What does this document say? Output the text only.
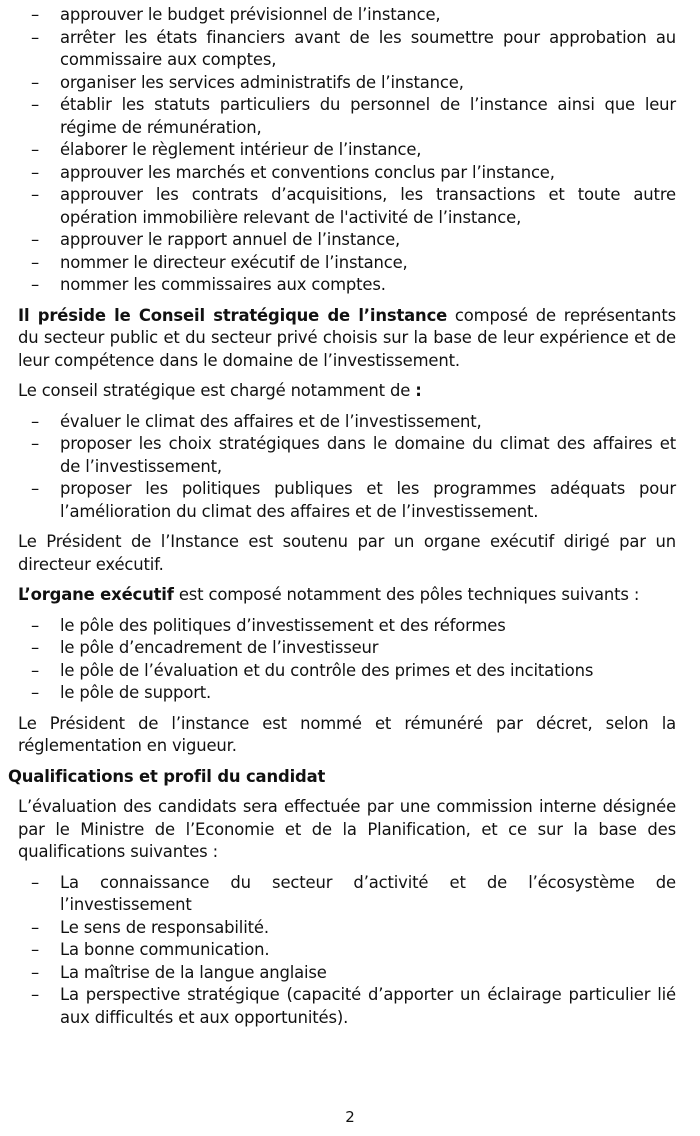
– approuver le budget prévisionnel de l’instance,
– arrêter les états financiers avant de les soumettre pour approbation au commissaire aux comptes,
– organiser les services administratifs de l’instance,
– établir les statuts particuliers du personnel de l’instance ainsi que leur régime de rémunération,
– élaborer le règlement intérieur de l’instance,
– approuver les marchés et conventions conclus par l’instance,
– approuver les contrats d’acquisitions, les transactions et toute autre opération immobilière relevant de l'activité de l’instance,
– approuver le rapport annuel de l’instance,
– nommer le directeur exécutif de l’instance,
– nommer les commissaires aux comptes.

Il préside le Conseil stratégique de l’instance composé de représentants du secteur public et du secteur privé choisis sur la base de leur expérience et de leur compétence dans le domaine de l’investissement.

Le conseil stratégique est chargé notamment de :

– évaluer le climat des affaires et de l’investissement,
– proposer les choix stratégiques dans le domaine du climat des affaires et de l’investissement,
– proposer les politiques publiques et les programmes adéquats pour l’amélioration du climat des affaires et de l’investissement.

Le Président de l’Instance est soutenu par un organe exécutif dirigé par un directeur exécutif.

L’organe exécutif est composé notamment des pôles techniques suivants :

– le pôle des politiques d’investissement et des réformes
– le pôle d’encadrement de l’investisseur
– le pôle de l’évaluation et du contrôle des primes et des incitations
– le pôle de support.

Le Président de l’instance est nommé et rémunéré par décret, selon la réglementation en vigueur.

Qualifications et profil du candidat

L’évaluation des candidats sera effectuée par une commission interne désignée par le Ministre de l’Economie et de la Planification, et ce sur la base des qualifications suivantes :

– La connaissance du secteur d’activité et de l’écosystème de l’investissement
– Le sens de responsabilité.
– La bonne communication.
– La maîtrise de la langue anglaise
– La perspective stratégique (capacité d’apporter un éclairage particulier lié aux difficultés et aux opportunités).
2
